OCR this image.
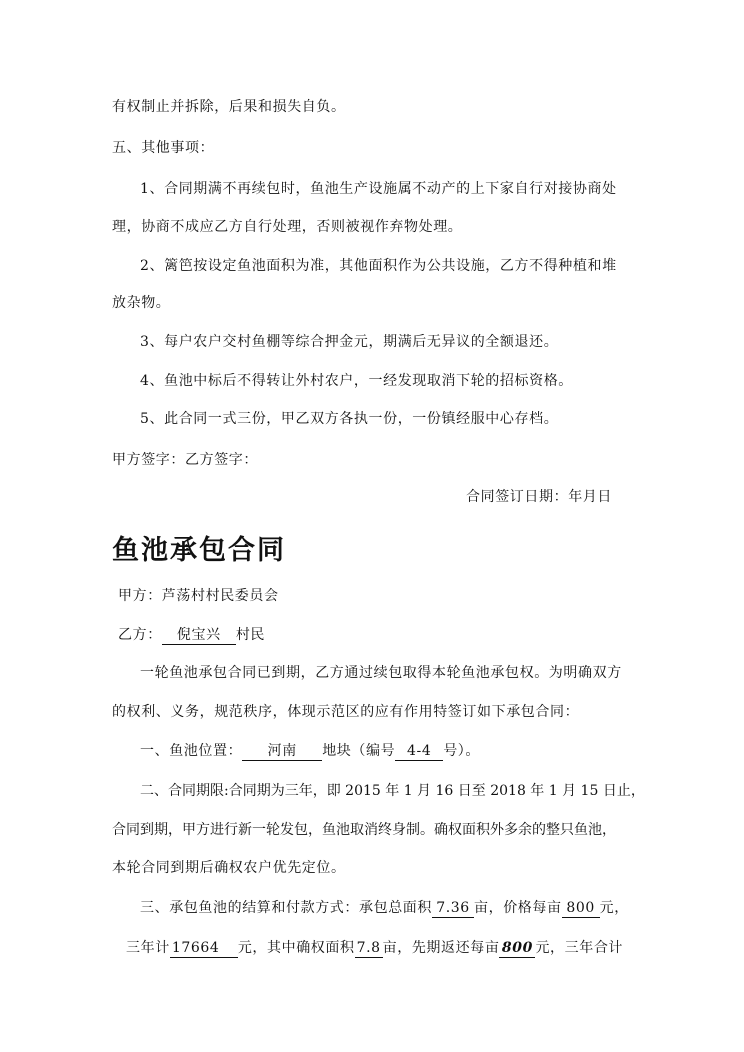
有权制止并拆除，后果和损失自负。
五、其他事项：
1、合同期满不再续包时，鱼池生产设施属不动产的上下家自行对接协商处
理，协商不成应乙方自行处理，否则被视作弃物处理。
2、篱笆按设定鱼池面积为准，其他面积作为公共设施，乙方不得种植和堆
放杂物。
3、每户农户交村鱼棚等综合押金元，期满后无异议的全额退还。
4、鱼池中标后不得转让外村农户，一经发现取消下轮的招标资格。
5、此合同一式三份，甲乙双方各执一份，一份镇经服中心存档。
甲方签字：乙方签字：
合同签订日期：年月日
鱼池承包合同
甲方：芦荡村村民委员会
乙方： 倪宝兴 村民
一轮鱼池承包合同已到期，乙方通过续包取得本轮鱼池承包权。为明确双方
的权利、义务，规范秩序，体现示范区的应有作用特签订如下承包合同：
一、鱼池位置： 河南 地块（编号 4-4 号）。
二、合同期限:合同期为三年，即 2015 年 1 月 16 日至 2018 年 1 月 15 日止，
合同到期，甲方进行新一轮发包，鱼池取消终身制。确权面积外多余的整只鱼池，
本轮合同到期后确权农户优先定位。
三、承包鱼池的结算和付款方式：承包总面积 7.36 亩，价格每亩 800 元，
三年计 17664 元，其中确权面积 7.8 亩，先期返还每亩 800 元，三年合计
